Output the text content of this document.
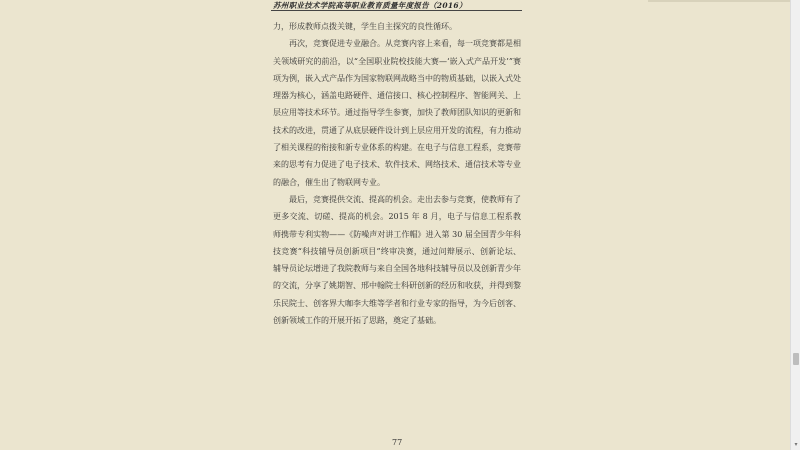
苏州职业技术学院高等职业教育质量年度报告（2016）

力，形成教师点拨关键，学生自主探究的良性循环。

再次，竞赛促进专业融合。从竞赛内容上来看，每一项竞赛都是相关领域研究的前沿，以“全国职业院校技能大赛—‘嵌入式产品开发’”赛项为例，嵌入式产品作为国家物联网战略当中的物质基础，以嵌入式处理器为核心，涵盖电路硬件、通信接口、核心控制程序、智能网关、上层应用等技术环节。通过指导学生参赛，加快了教师团队知识的更新和技术的改进，贯通了从底层硬件设计到上层应用开发的流程，有力推动了相关课程的衔接和新专业体系的构建。在电子与信息工程系，竞赛带来的思考有力促进了电子技术、软件技术、网络技术、通信技术等专业的融合，催生出了物联网专业。

最后，竞赛提供交流、提高的机会。走出去参与竞赛，使教师有了更多交流、切磋、提高的机会。2015 年 8 月，电子与信息工程系教师携带专利实物——《防噪声对讲工作帽》进入第 30 届全国青少年科技竞赛“科技辅导员创新项目”终审决赛，通过问辩展示、创新论坛、辅导员论坛增进了我院教师与来自全国各地科技辅导员以及创新青少年的交流，分享了姚期智、邢中翰院士科研创新的经历和收获，并得到黎乐民院士、创客界大咖李大维等学者和行业专家的指导，为今后创客、创新领域工作的开展开拓了思路，奠定了基础。

77	▾
